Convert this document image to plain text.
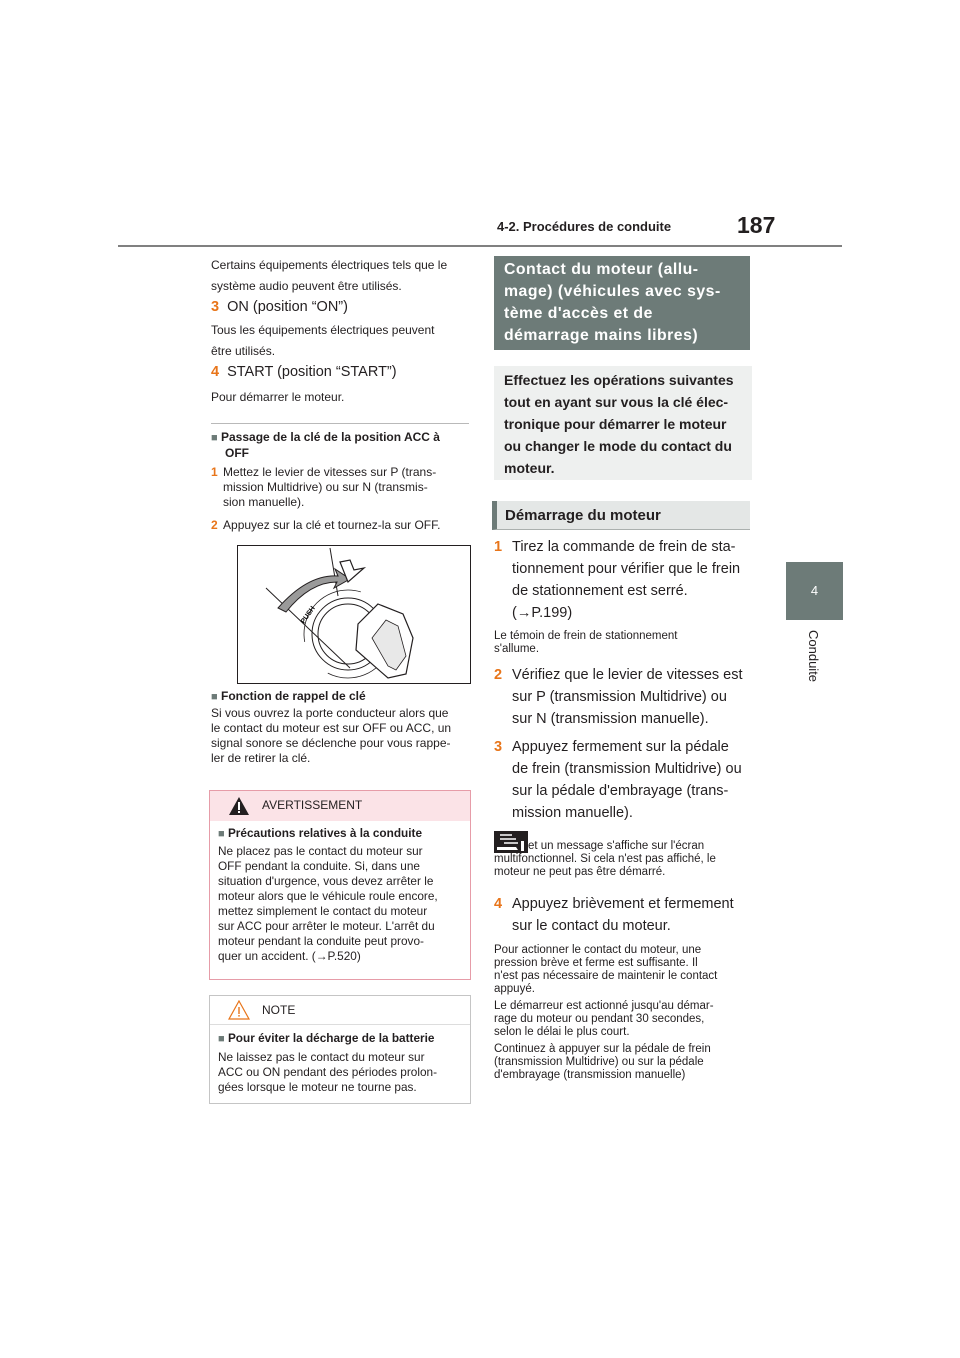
4-2. Procédures de conduite	187
4
Conduite
Certains équipements électriques tels que le
système audio peuvent être utilisés.
3 ON (position “ON”)
Tous les équipements électriques peuvent
être utilisés.
4 START (position “START”)
Pour démarrer le moteur.
■ Passage de la clé de la position ACC à
OFF
1 Mettez le levier de vitesses sur P (trans-
mission Multidrive) ou sur N (transmis-
sion manuelle).
2 Appuyez sur la clé et tournez-la sur OFF.
PUSH
■ Fonction de rappel de clé
Si vous ouvrez la porte conducteur alors que
le contact du moteur est sur OFF ou ACC, un
signal sonore se déclenche pour vous rappe-
ler de retirer la clé.
AVERTISSEMENT
■ Précautions relatives à la conduite
Ne placez pas le contact du moteur sur
OFF pendant la conduite. Si, dans une
situation d'urgence, vous devez arrêter le
moteur alors que le véhicule roule encore,
mettez simplement le contact du moteur
sur ACC pour arrêter le moteur. L'arrêt du
moteur pendant la conduite peut provo-
quer un accident. (→P.520)
NOTE
■ Pour éviter la décharge de la batterie
Ne laissez pas le contact du moteur sur
ACC ou ON pendant des périodes prolon-
gées lorsque le moteur ne tourne pas.
Contact du moteur (allu-
mage) (véhicules avec sys-
tème d'accès et de
démarrage mains libres)
Effectuez les opérations suivantes
tout en ayant sur vous la clé élec-
tronique pour démarrer le moteur
ou changer le mode du contact du
moteur.
Démarrage du moteur
1 Tirez la commande de frein de sta-
tionnement pour vérifier que le frein
de stationnement est serré.
(→P.199)
Le témoin de frein de stationnement
s'allume.
2 Vérifiez que le levier de vitesses est
sur P (transmission Multidrive) ou
sur N (transmission manuelle).
3 Appuyez fermement sur la pédale
de frein (transmission Multidrive) ou
sur la pédale d'embrayage (trans-
mission manuelle).
et un message s'affiche sur l'écran
multifonctionnel. Si cela n'est pas affiché, le
moteur ne peut pas être démarré.
4 Appuyez brièvement et fermement
sur le contact du moteur.
Pour actionner le contact du moteur, une
pression brève et ferme est suffisante. Il
n'est pas nécessaire de maintenir le contact
appuyé.
Le démarreur est actionné jusqu'au démar-
rage du moteur ou pendant 30 secondes,
selon le délai le plus court.
Continuez à appuyer sur la pédale de frein
(transmission Multidrive) ou sur la pédale
d'embrayage (transmission manuelle)
